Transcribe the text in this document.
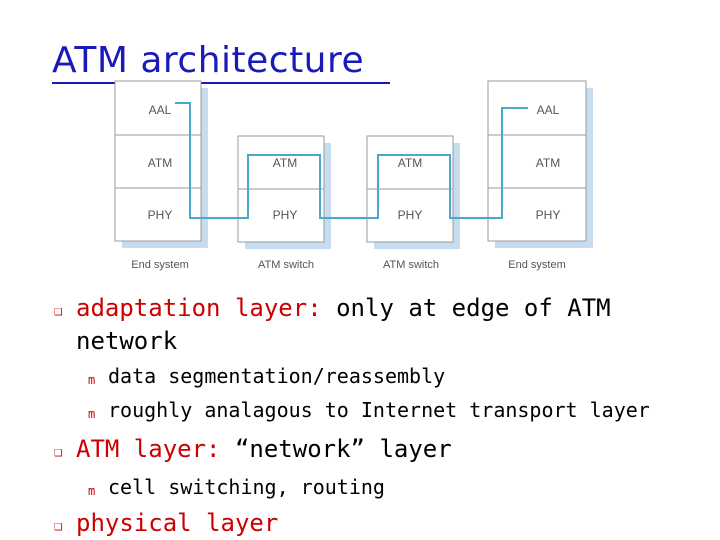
ATM architecture
AAL
ATM
PHY
End system
ATM
PHY
ATM switch
ATM
PHY
ATM switch
AAL
ATM
PHY
End system
❑ adaptation layer: only at edge of ATM
network
m data segmentation/reassembly
m roughly analagous to Internet transport layer
❑ ATM layer: “network” layer
m cell switching, routing
❑ physical layer
